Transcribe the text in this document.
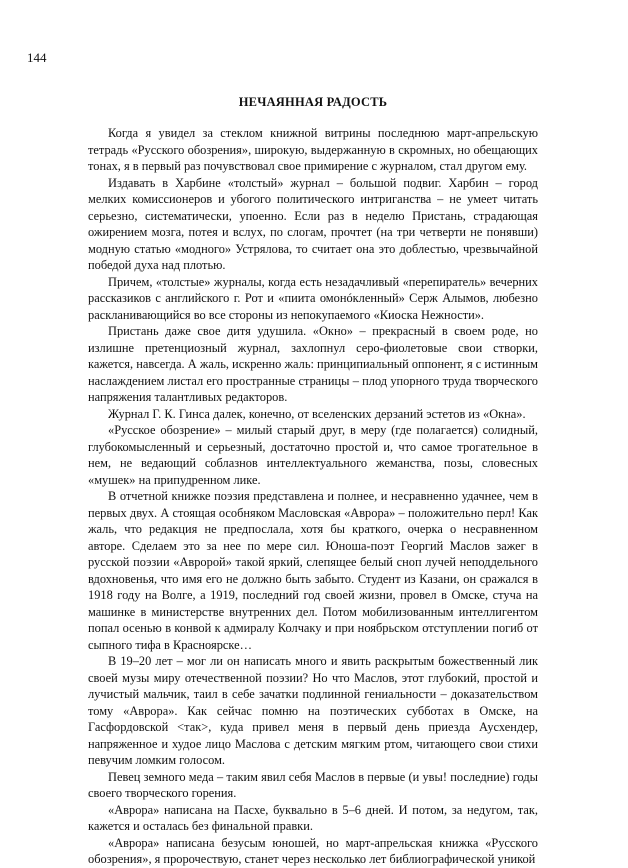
144
НЕЧАЯННАЯ РАДОСТЬ

Когда я увидел за стеклом книжной витрины последнюю март-апрельскую тетрадь «Русского обозрения», широкую, выдержанную в скромных, но обещающих тонах, я в первый раз почувствовал свое примирение с журналом, стал другом ему.

Издавать в Харбине «толстый» журнал – большой подвиг. Харбин – город мелких комиссионеров и убогого политического интриганства – не умеет читать серьезно, систематически, упоенно. Если раз в неделю Пристань, страдающая ожирением мозга, потея и вслух, по слогам, прочтет (на три четверти не понявши) модную статью «модного» Устрялова, то считает она это доблестью, чрезвычайной победой духа над плотью.

Причем, «толстые» журналы, когда есть незадачливый «перепиратель» вечерних рассказиков с английского г. Рот и «пиита омонóкленный» Серж Алымов, любезно раскланивающийся во все стороны из непокупаемого «Киоска Нежности».

Пристань даже свое дитя удушила. «Окно» – прекрасный в своем роде, но излишне претенциозный журнал, захлопнул серо-фиолетовые свои створки, кажется, навсегда. А жаль, искренно жаль: принципиальный оппонент, я с истинным наслаждением листал его пространные страницы – плод упорного труда творческого напряжения талантливых редакторов.

Журнал Г. К. Гинса далек, конечно, от вселенских дерзаний эстетов из «Окна».

«Русское обозрение» – милый старый друг, в меру (где полагается) солидный, глубокомысленный и серьезный, достаточно простой и, что самое трогательное в нем, не ведающий соблазнов интеллектуального жеманства, позы, словесных «мушек» на припудренном лике.

В отчетной книжке поэзия представлена и полнее, и несравненно удачнее, чем в первых двух. А стоящая особняком Масловская «Аврора» – положительно перл! Как жаль, что редакция не предпослала, хотя бы краткого, очерка о несравненном авторе. Сделаем это за нее по мере сил. Юноша-поэт Георгий Маслов зажег в русской поэзии «Авророй» такой яркий, слепящее белый сноп лучей неподдельного вдохновенья, что имя его не должно быть забыто. Студент из Казани, он сражался в 1918 году на Волге, а 1919, последний год своей жизни, провел в Омске, стуча на машинке в министерстве внутренних дел. Потом мобилизованным интеллигентом попал осенью в конвой к адмиралу Колчаку и при ноябрьском отступлении погиб от сыпного тифа в Красноярске…

В 19–20 лет – мог ли он написать много и явить раскрытым божественный лик своей музы миру отечественной поэзии? Но что Маслов, этот глубокий, простой и лучистый мальчик, таил в себе зачатки подлинной гениальности – доказательством тому «Аврора». Как сейчас помню на поэтических субботах в Омске, на Гасфордовской <так>, куда привел меня в первый день приезда Аусхендер, напряженное и худое лицо Маслова с детским мягким ртом, читающего свои стихи певучим ломким голосом.

Певец земного меда – таким явил себя Маслов в первые (и увы! последние) годы своего творческого горения.

«Аврора» написана на Пасхе, буквально в 5–6 дней. И потом, за недугом, так, кажется и осталась без финальной правки.

«Аврора» написана безусым юношей, но март-апрельская книжка «Русского обозрения», я пророчествую, станет через несколько лет библиографической уникой
